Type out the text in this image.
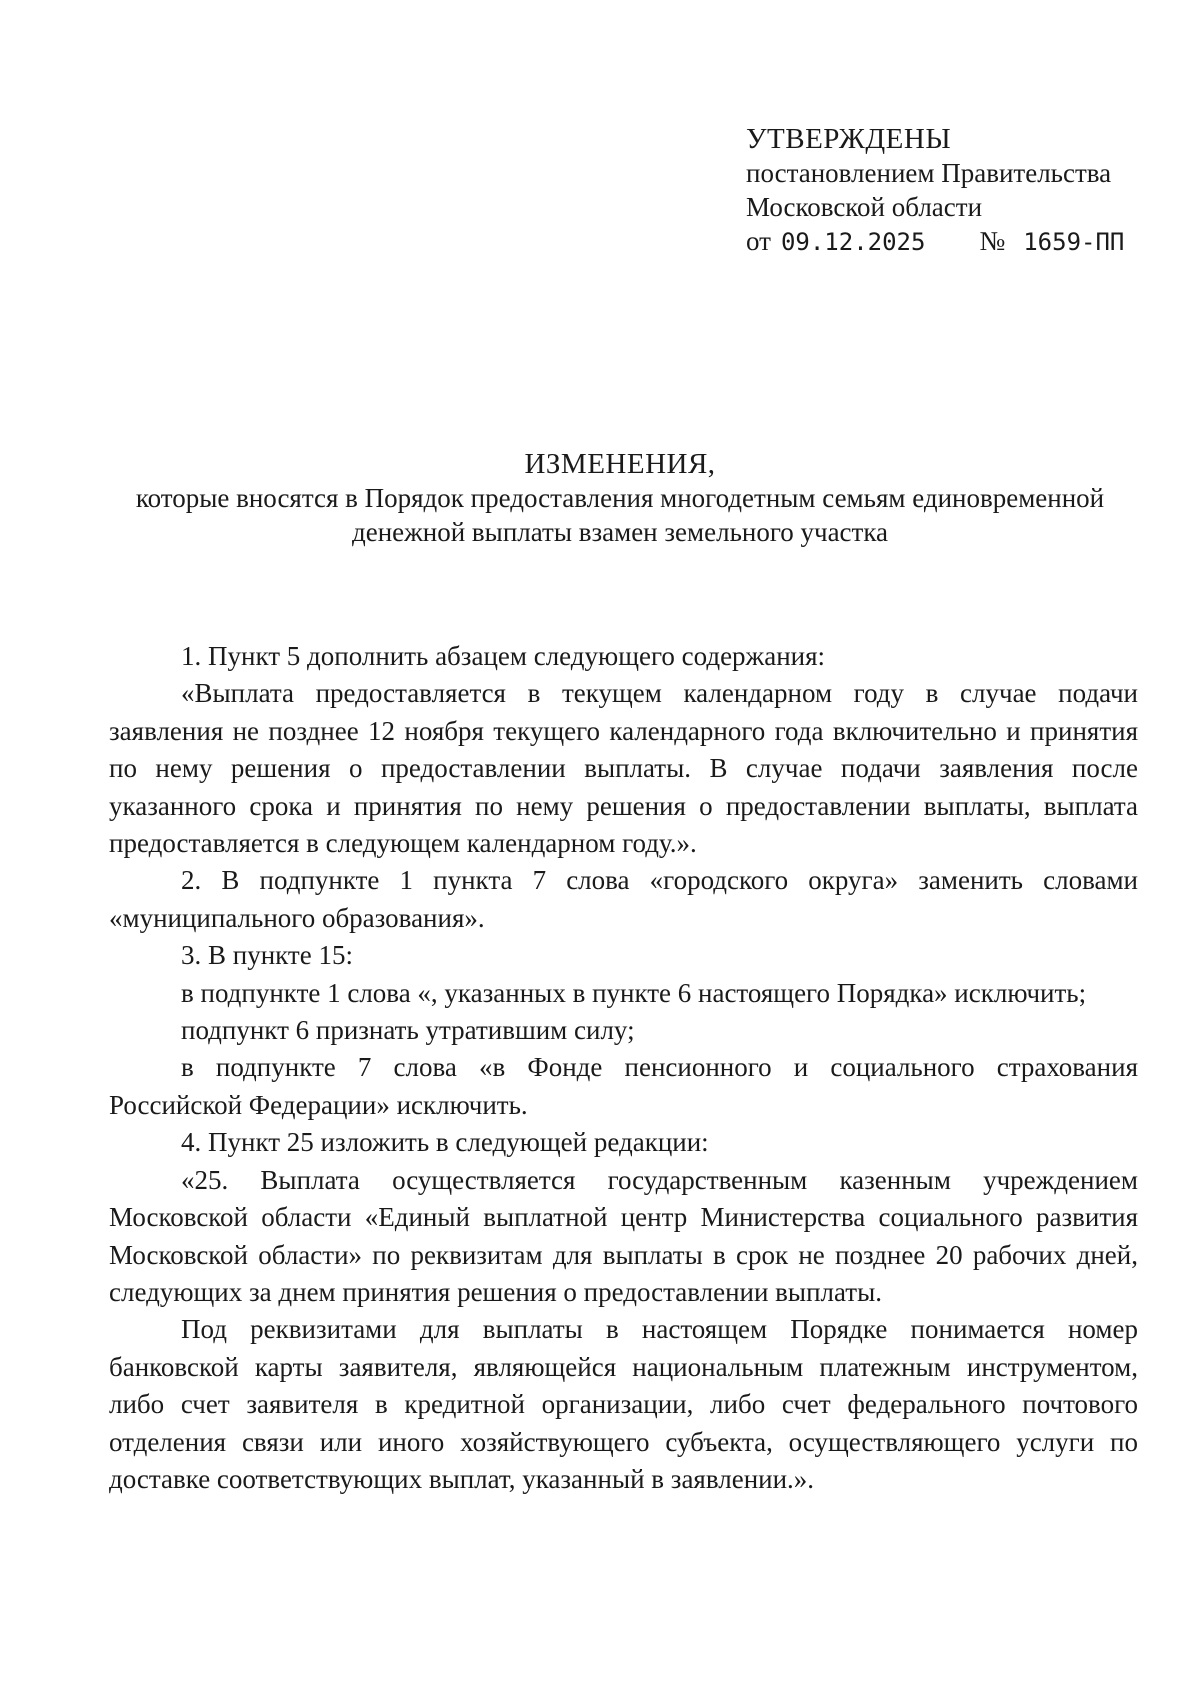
УТВЕРЖДЕНЫ
постановлением Правительства
Московской области
от 09.12.2025 № 1659-ПП
ИЗМЕНЕНИЯ,
которые вносятся в Порядок предоставления многодетным семьям единовременной
денежной выплаты взамен земельного участка

1. Пункт 5 дополнить абзацем следующего содержания:

«Выплата предоставляется в текущем календарном году в случае подачи заявления не позднее 12 ноября текущего календарного года включительно и принятия по нему решения о предоставлении выплаты. В случае подачи заявления после указанного срока и принятия по нему решения о предоставлении выплаты, выплата предоставляется в следующем календарном году.».

2. В подпункте 1 пункта 7 слова «городского округа» заменить словами «муниципального образования».

3. В пункте 15:

в подпункте 1 слова «, указанных в пункте 6 настоящего Порядка» исключить;

подпункт 6 признать утратившим силу;

в подпункте 7 слова «в Фонде пенсионного и социального страхования Российской Федерации» исключить.

4. Пункт 25 изложить в следующей редакции:

«25. Выплата осуществляется государственным казенным учреждением Московской области «Единый выплатной центр Министерства социального развития Московской области» по реквизитам для выплаты в срок не позднее 20 рабочих дней, следующих за днем принятия решения о предоставлении выплаты.

Под реквизитами для выплаты в настоящем Порядке понимается номер банковской карты заявителя, являющейся национальным платежным инструментом, либо счет заявителя в кредитной организации, либо счет федерального почтового отделения связи или иного хозяйствующего субъекта, осуществляющего услуги по доставке соответствующих выплат, указанный в заявлении.».
